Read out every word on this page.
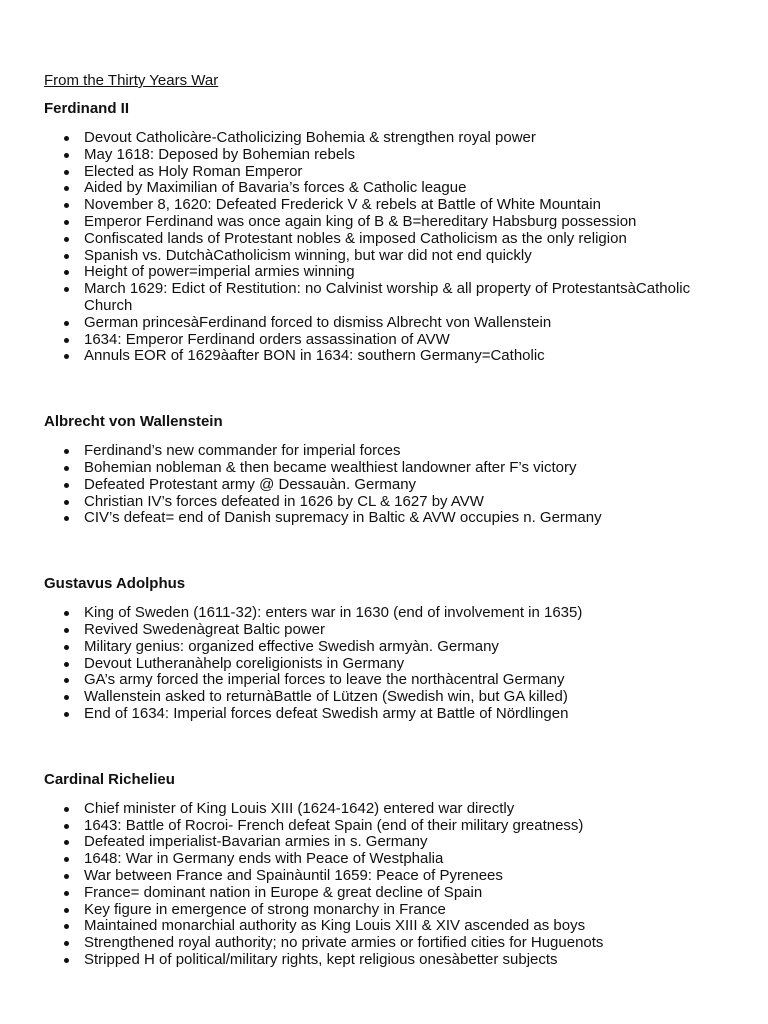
From the Thirty Years War
Ferdinand II
Devout Catholicàre-Catholicizing Bohemia & strengthen royal power
May 1618: Deposed by Bohemian rebels
Elected as Holy Roman Emperor
Aided by Maximilian of Bavaria’s forces & Catholic league
November 8, 1620: Defeated Frederick V & rebels at Battle of White Mountain
Emperor Ferdinand was once again king of B & B=hereditary Habsburg possession
Confiscated lands of Protestant nobles & imposed Catholicism as the only religion
Spanish vs. DutchàCatholicism winning, but war did not end quickly
Height of power=imperial armies winning
March 1629: Edict of Restitution: no Calvinist worship & all property of ProtestantsàCatholic Church
German princesàFerdinand forced to dismiss Albrecht von Wallenstein
1634: Emperor Ferdinand orders assassination of AVW
Annuls EOR of 1629àafter BON in 1634: southern Germany=Catholic
Albrecht von Wallenstein
Ferdinand’s new commander for imperial forces
Bohemian nobleman & then became wealthiest landowner after F’s victory
Defeated Protestant army @ Dessauàn. Germany
Christian IV’s forces defeated in 1626 by CL & 1627 by AVW
CIV’s defeat= end of Danish supremacy in Baltic & AVW occupies n. Germany
Gustavus Adolphus
King of Sweden (1611-32): enters war in 1630 (end of involvement in 1635)
Revived Swedenàgreat Baltic power
Military genius: organized effective Swedish armyàn. Germany
Devout Lutheranàhelp coreligionists in Germany
GA’s army forced the imperial forces to leave the northàcentral Germany
Wallenstein asked to returnàBattle of Lützen (Swedish win, but GA killed)
End of 1634: Imperial forces defeat Swedish army at Battle of Nördlingen
Cardinal Richelieu
Chief minister of King Louis XIII (1624-1642) entered war directly
1643: Battle of Rocroi- French defeat Spain (end of their military greatness)
Defeated imperialist-Bavarian armies in s. Germany
1648: War in Germany ends with Peace of Westphalia
War between France and Spainàuntil 1659: Peace of Pyrenees
France= dominant nation in Europe & great decline of Spain
Key figure in emergence of strong monarchy in France
Maintained monarchial authority as King Louis XIII & XIV ascended as boys
Strengthened royal authority; no private armies or fortified cities for Huguenots
Stripped H of political/military rights, kept religious onesàbetter subjects
